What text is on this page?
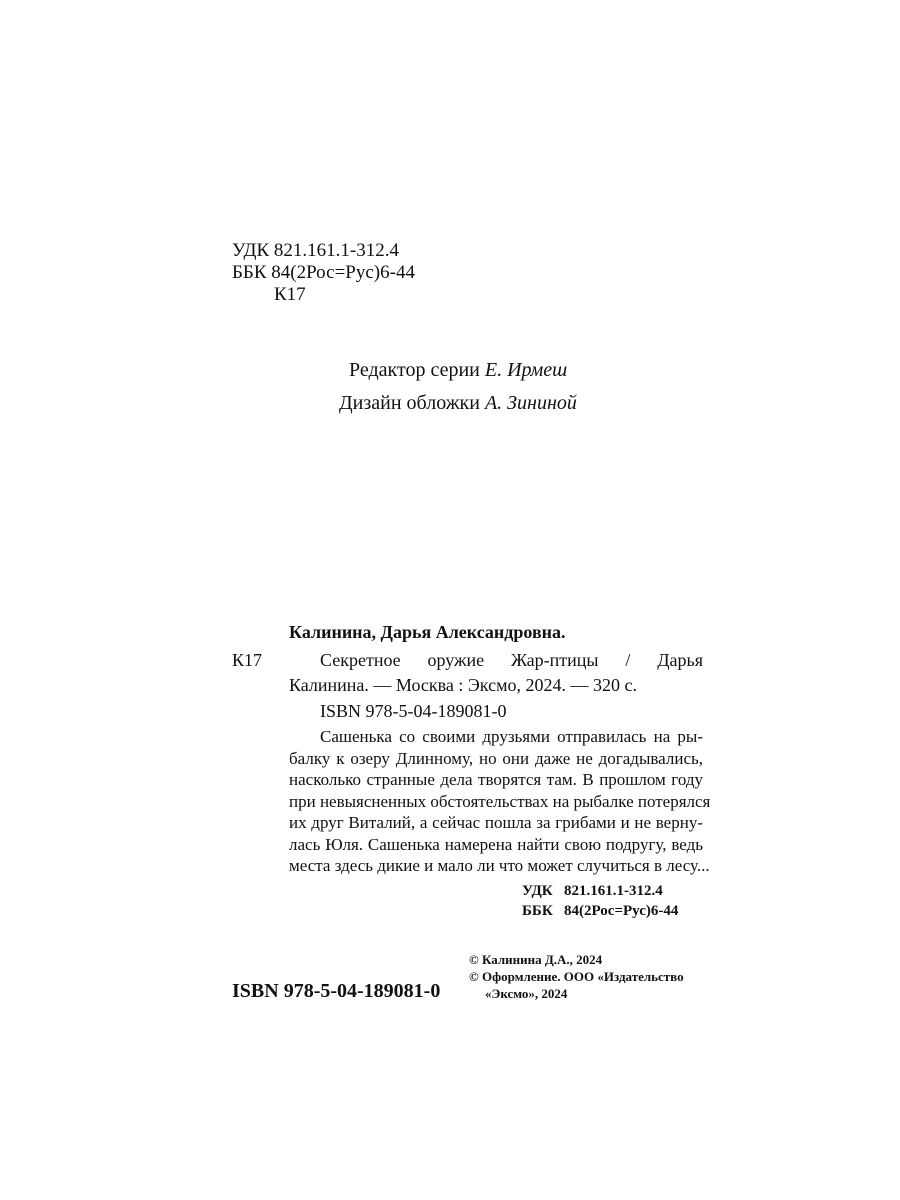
УДК 821.161.1-312.4
ББК 84(2Рос=Рус)6-44
К17
Редактор серии Е. Ирмеш
Дизайн обложки А. Зининой
Калинина, Дарья Александровна.
К17	Секретное оружие Жар-птицы / Дарья
Калинина. — Москва : Эксмо, 2024. — 320 с.
ISBN 978-5-04-189081-0
Сашенька со своими друзьями отправилась на ры-
балку к озеру Длинному, но они даже не догадывались,
насколько странные дела творятся там. В прошлом году
при невыясненных обстоятельствах на рыбалке потерялся
их друг Виталий, а сейчас пошла за грибами и не верну-
лась Юля. Сашенька намерена найти свою подругу, ведь
места здесь дикие и мало ли что может случиться в лесу...
УДК 821.161.1-312.4
ББК 84(2Рос=Рус)6-44
ISBN 978-5-04-189081-0
© Калинина Д.А., 2024
© Оформление. ООО «Издательство
«Эксмо», 2024
